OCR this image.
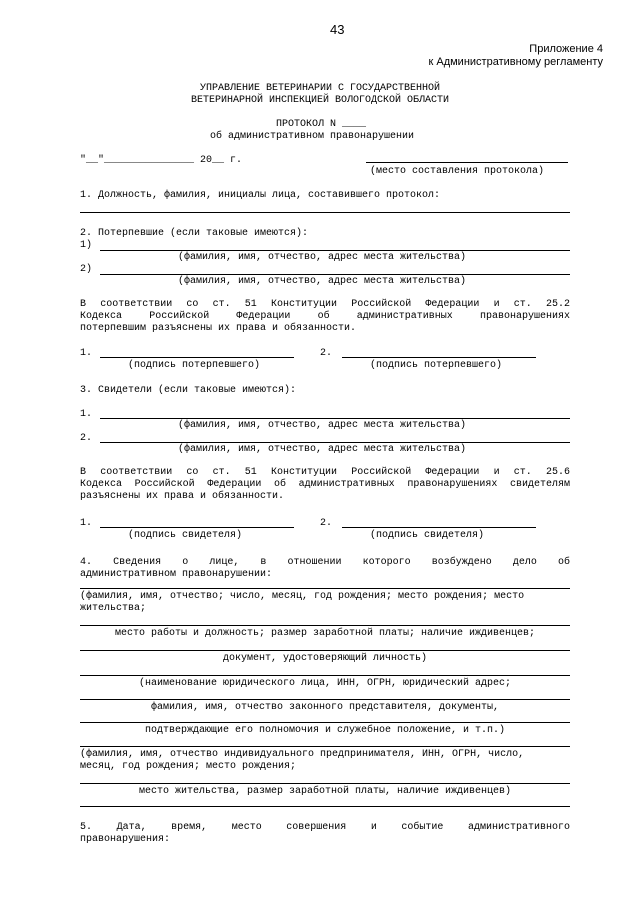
43
Приложение 4
к Административному регламенту
УПРАВЛЕНИЕ ВЕТЕРИНАРИИ С ГОСУДАРСТВЕННОЙ
ВЕТЕРИНАРНОЙ ИНСПЕКЦИЕЙ ВОЛОГОДСКОЙ ОБЛАСТИ
ПРОТОКОЛ N ____
об административном правонарушении
"__"_______________ 20__ г.
(место составления протокола)
1. Должность, фамилия, инициалы лица, составившего протокол:
2. Потерпевшие (если таковые имеются):
1)
(фамилия, имя, отчество, адрес места жительства)
2)
(фамилия, имя, отчество, адрес места жительства)
В соответствии со ст. 51 Конституции Российской Федерации и ст. 25.2
Кодекса Российской Федерации об административных правонарушениях
потерпевшим разъяснены их права и обязанности.
1.
(подпись потерпевшего)
2.
(подпись потерпевшего)
3. Свидетели (если таковые имеются):
1.
(фамилия, имя, отчество, адрес места жительства)
2.
(фамилия, имя, отчество, адрес места жительства)
В соответствии со ст. 51 Конституции Российской Федерации и ст. 25.6
Кодекса Российской Федерации об административных правонарушениях свидетелям
разъяснены их права и обязанности.
1.
(подпись свидетеля)
2.
(подпись свидетеля)
4. Сведения о лице, в отношении которого возбуждено дело об
административном правонарушении:
(фамилия, имя, отчество; число, месяц, год рождения; место рождения; место
жительства;
место работы и должность; размер заработной платы; наличие иждивенцев;
документ, удостоверяющий личность)
(наименование юридического лица, ИНН, ОГРН, юридический адрес;
фамилия, имя, отчество законного представителя, документы,
подтверждающие его полномочия и служебное положение, и т.п.)
(фамилия, имя, отчество индивидуального предпринимателя, ИНН, ОГРН, число,
месяц, год рождения; место рождения;
место жительства, размер заработной платы, наличие иждивенцев)
5. Дата, время, место совершения и событие административного
правонарушения:
